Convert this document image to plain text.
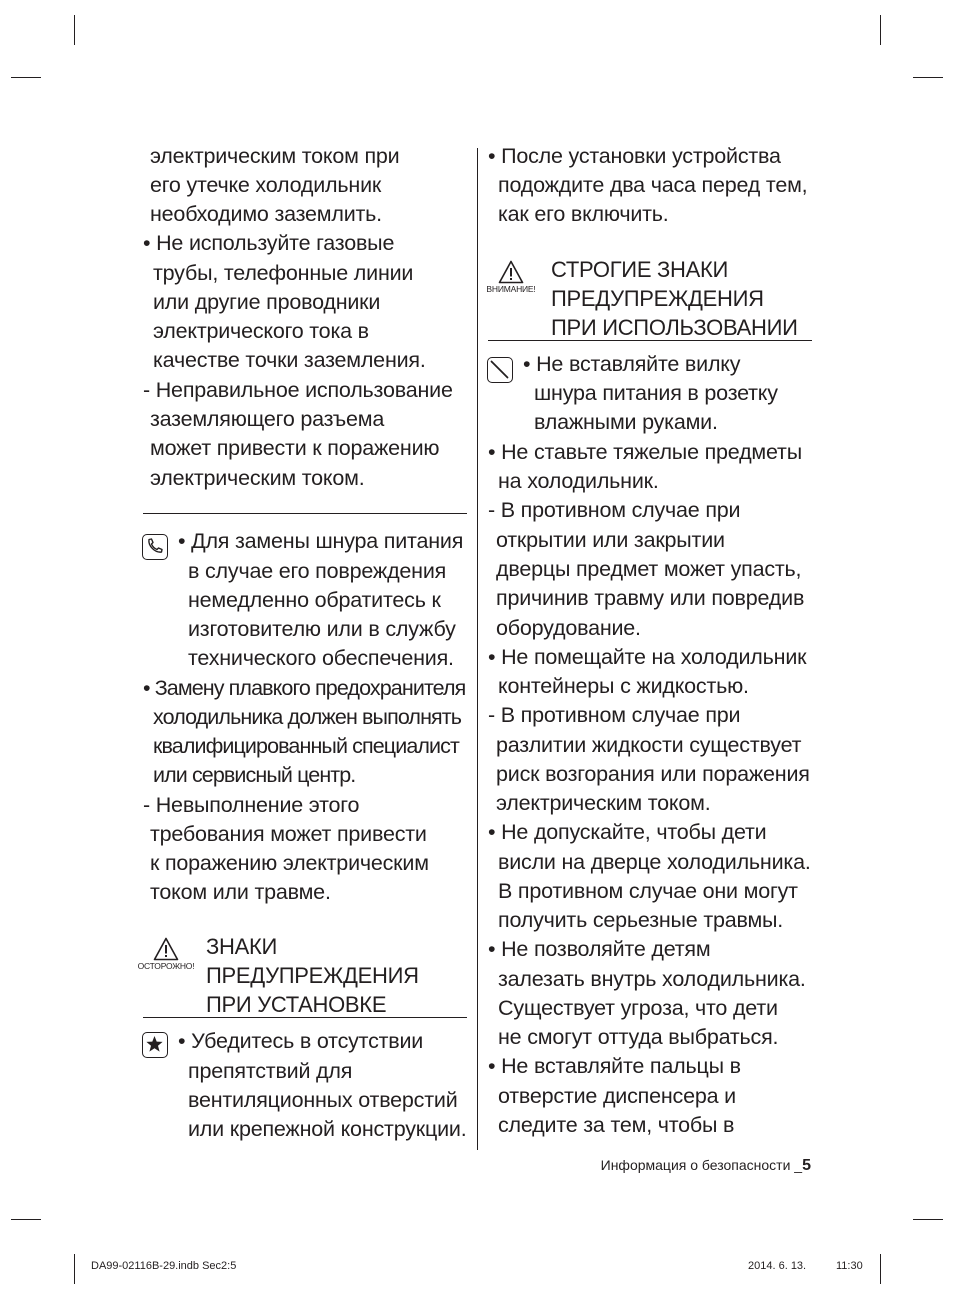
электрическим током при
его утечке холодильник
необходимо заземлить.
• Не используйте газовые
трубы, телефонные линии
или другие проводники
электрического тока в
качестве точки заземления.
- Неправильное использование
заземляющего разъема
может привести к поражению
электрическим током.
• Для замены шнура питания
в случае его повреждения
немедленно обратитесь к
изготовителю или в службу
технического обеспечения.
• Замену плавкого предохранителя
холодильника должен выполнять
квалифицированный специалист
или сервисный центр.
- Невыполнение этого
требования может привести
к поражению электрическим
током или травме.
ОСТОРОЖНО!
ЗНАКИ
ПРЕДУПРЕЖДЕНИЯ
ПРИ УСТАНОВКЕ
• Убедитесь в отсутствии
препятствий для
вентиляционных отверстий
или крепежной конструкции.
• После установки устройства
подождите два часа перед тем,
как его включить.
ВНИМАНИЕ!
СТРОГИЕ ЗНАКИ
ПРЕДУПРЕЖДЕНИЯ
ПРИ ИСПОЛЬЗОВАНИИ
• Не вставляйте вилку
шнура питания в розетку
влажными руками.
• Не ставьте тяжелые предметы
на холодильник.
- В противном случае при
открытии или закрытии
дверцы предмет может упасть,
причинив травму или повредив
оборудование.
• Не помещайте на холодильник
контейнеры с жидкостью.
- В противном случае при
разлитии жидкости существует
риск возгорания или поражения
электрическим током.
• Не допускайте, чтобы дети
висли на дверце холодильника.
В противном случае они могут
получить серьезные травмы.
• Не позволяйте детям
залезать внутрь холодильника.
Существует угроза, что дети
не смогут оттуда выбраться.
• Не вставляйте пальцы в
отверстие диспенсера и
следите за тем, чтобы в
Информация о безопасности _5
DA99-02116B-29.indb Sec2:5	2014. 6. 13.	11:30
